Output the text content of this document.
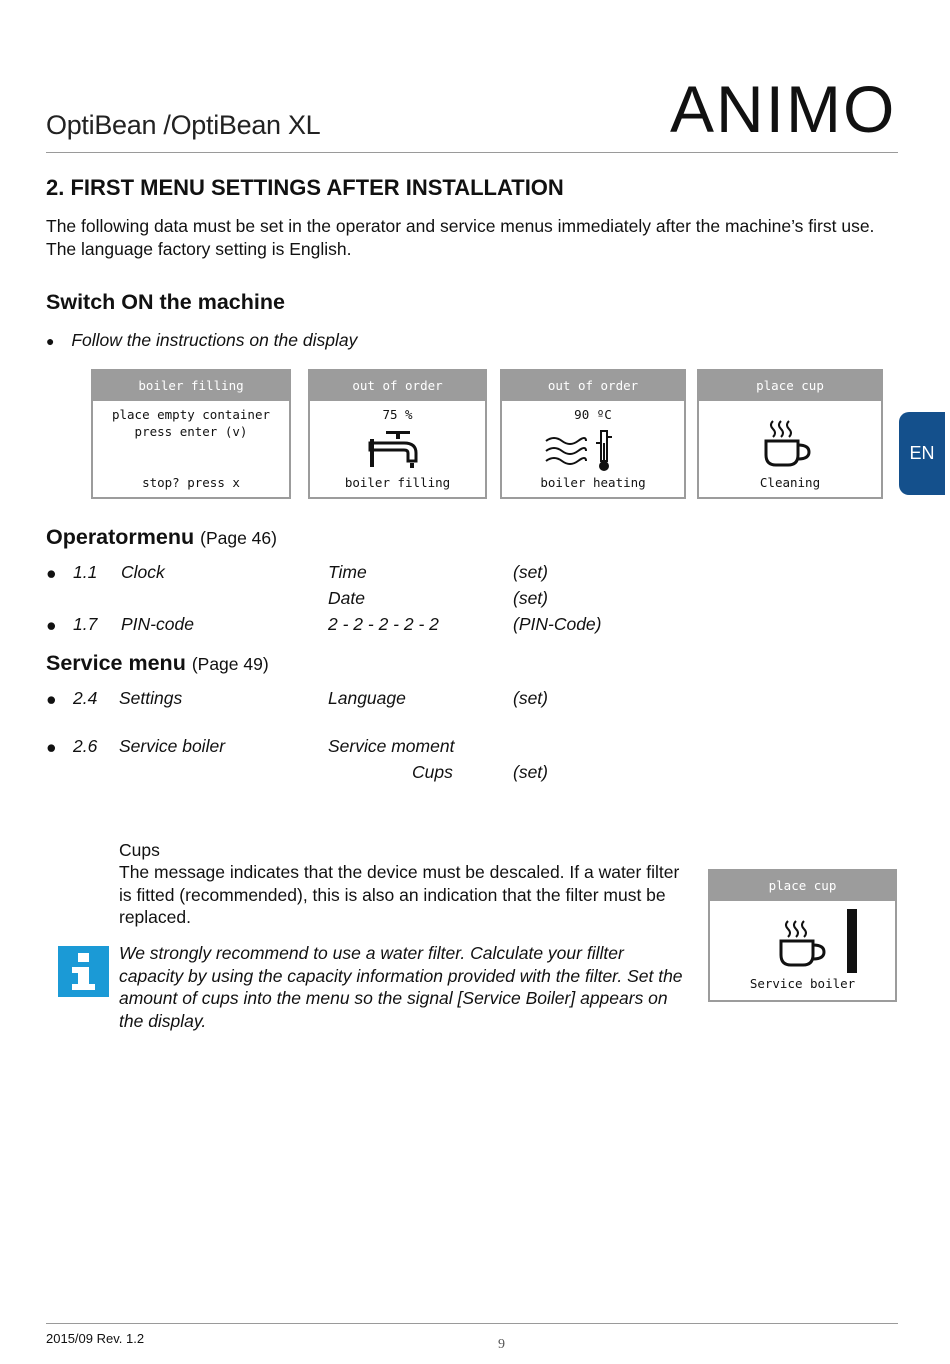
OptiBean /OptiBean XL	ANIMO
2. FIRST MENU SETTINGS AFTER INSTALLATION
The following data must be set in the operator and service menus immediately after the machine’s first use. The language factory setting is English.
Switch ON the machine
● Follow the instructions on the display
boiler filling
place empty container
press enter (v)
stop? press x
out of order
75 %
boiler filling
out of order
90 ºC
boiler heating
place cup
Cleaning
EN
Operatormenu (Page 46)
● 1.1 Clock	Time	(set)
Date	(set)
● 1.7 PIN-code	2 - 2 - 2 - 2 - 2	(PIN-Code)
Service menu (Page 49)
● 2.4 Settings	Language	(set)
● 2.6 Service boiler	Service moment
Cups	(set)
Cups
The message indicates that the device must be descaled. If a water filter is fitted (recommended), this is also an indication that the filter must be replaced.
We strongly recommend to use a water filter. Calculate your fillter capacity by using the capacity information provided with the filter. Set the amount of cups into the menu so the signal [Service Boiler] appears on the display.
place cup
Service boiler
2015/09 Rev. 1.2	9
